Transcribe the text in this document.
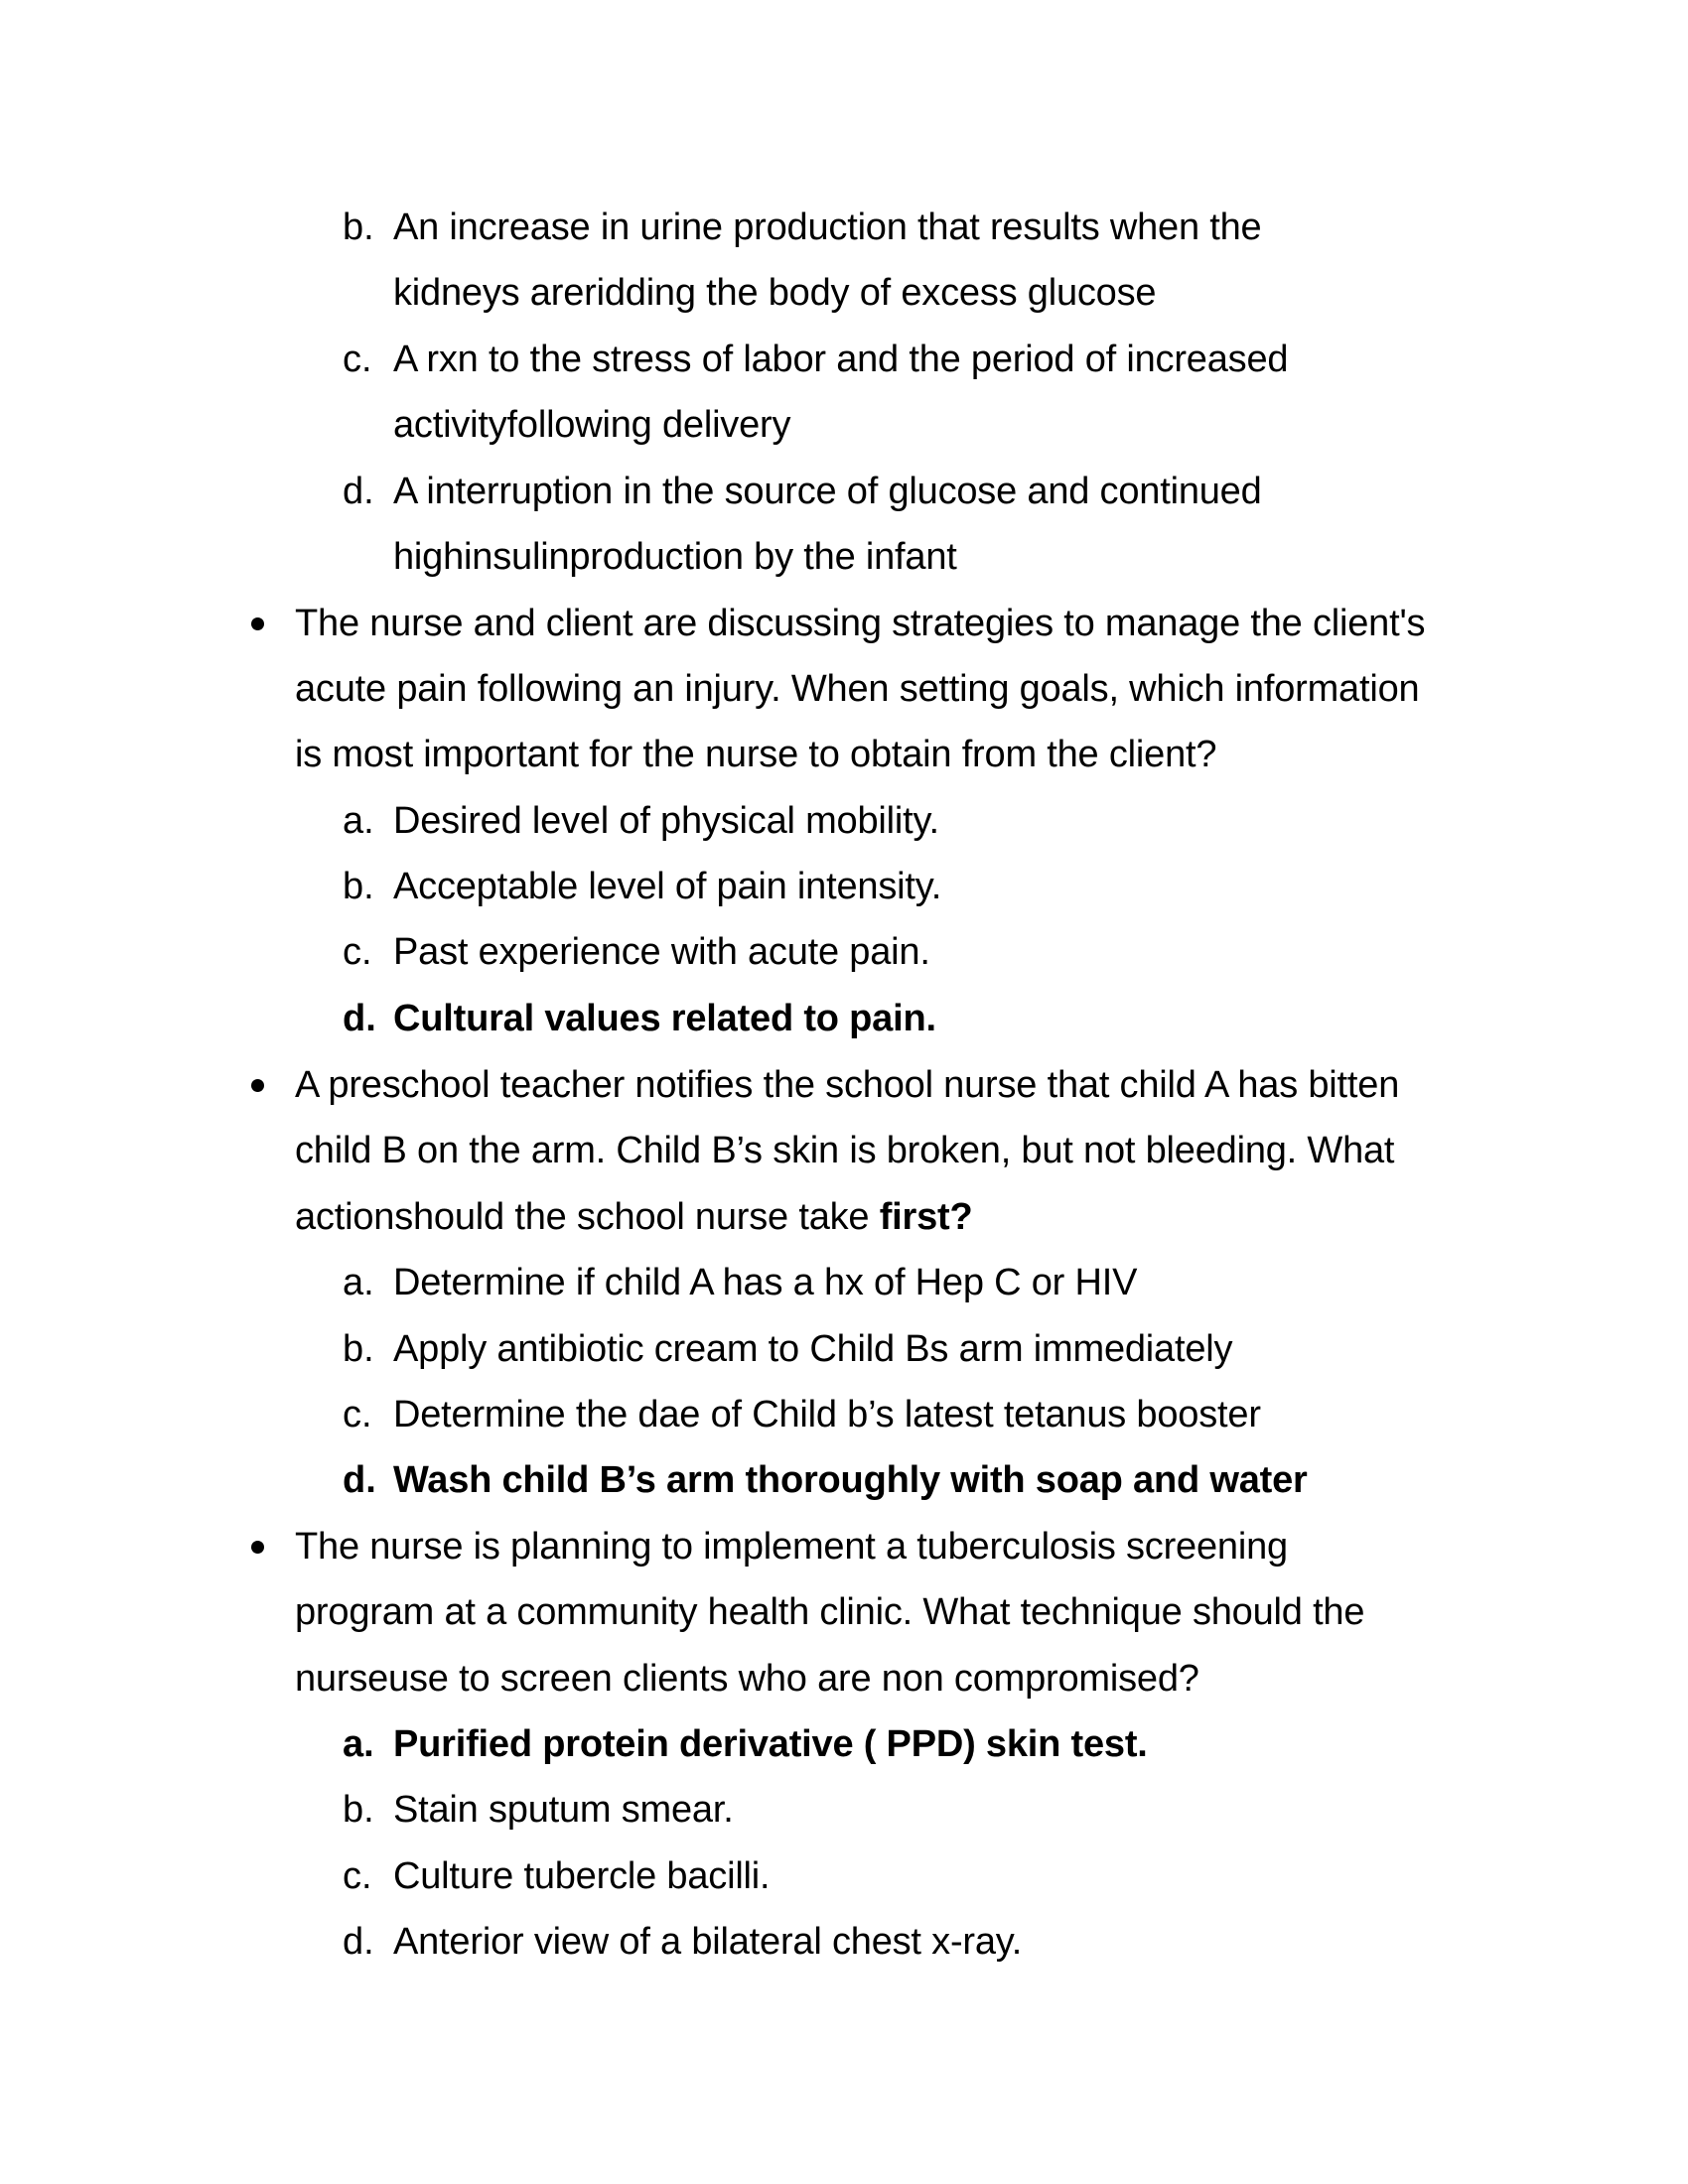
b. An increase in urine production that results when the
kidneys areridding the body of excess glucose
c. A rxn to the stress of labor and the period of increased
activityfollowing delivery
d. A interruption in the source of glucose and continued
highinsulinproduction by the infant
The nurse and client are discussing strategies to manage the client's
acute pain following an injury. When setting goals, which information
is most important for the nurse to obtain from the client?
a. Desired level of physical mobility.
b. Acceptable level of pain intensity.
c. Past experience with acute pain.
d. Cultural values related to pain.
A preschool teacher notifies the school nurse that child A has bitten
child B on the arm. Child B’s skin is broken, but not bleeding. What
actionshould the school nurse take first?
a. Determine if child A has a hx of Hep C or HIV
b. Apply antibiotic cream to Child Bs arm immediately
c. Determine the dae of Child b’s latest tetanus booster
d. Wash child B’s arm thoroughly with soap and water
The nurse is planning to implement a tuberculosis screening
program at a community health clinic. What technique should the
nurseuse to screen clients who are non compromised?
a. Purified protein derivative ( PPD) skin test.
b. Stain sputum smear.
c. Culture tubercle bacilli.
d. Anterior view of a bilateral chest x-ray.
